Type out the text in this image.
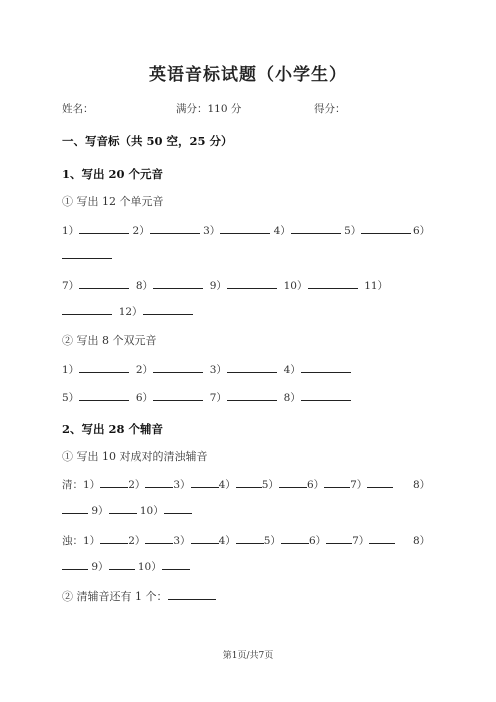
英语音标试题（小学生）
姓名：	满分：110 分	得分：
一、写音标（共 50 空，25 分）
1、写出 20 个元音
① 写出 12 个单元音
1）	2）	3）	4）	5）	6）
7）	8）	9）	10）	11）
12）
② 写出 8 个双元音
1）	2）	3）	4）
5）	6）	7）	8）
2、写出 28 个辅音
① 写出 10 对成对的清浊辅音
清：1）	2）	3）	4） 5）	6） 7）	8）
9）	10）
浊：1）	2）	3）	4）	5）	6） 7）	8）
9）	10）
② 清辅音还有 1 个：
第1页/共7页
